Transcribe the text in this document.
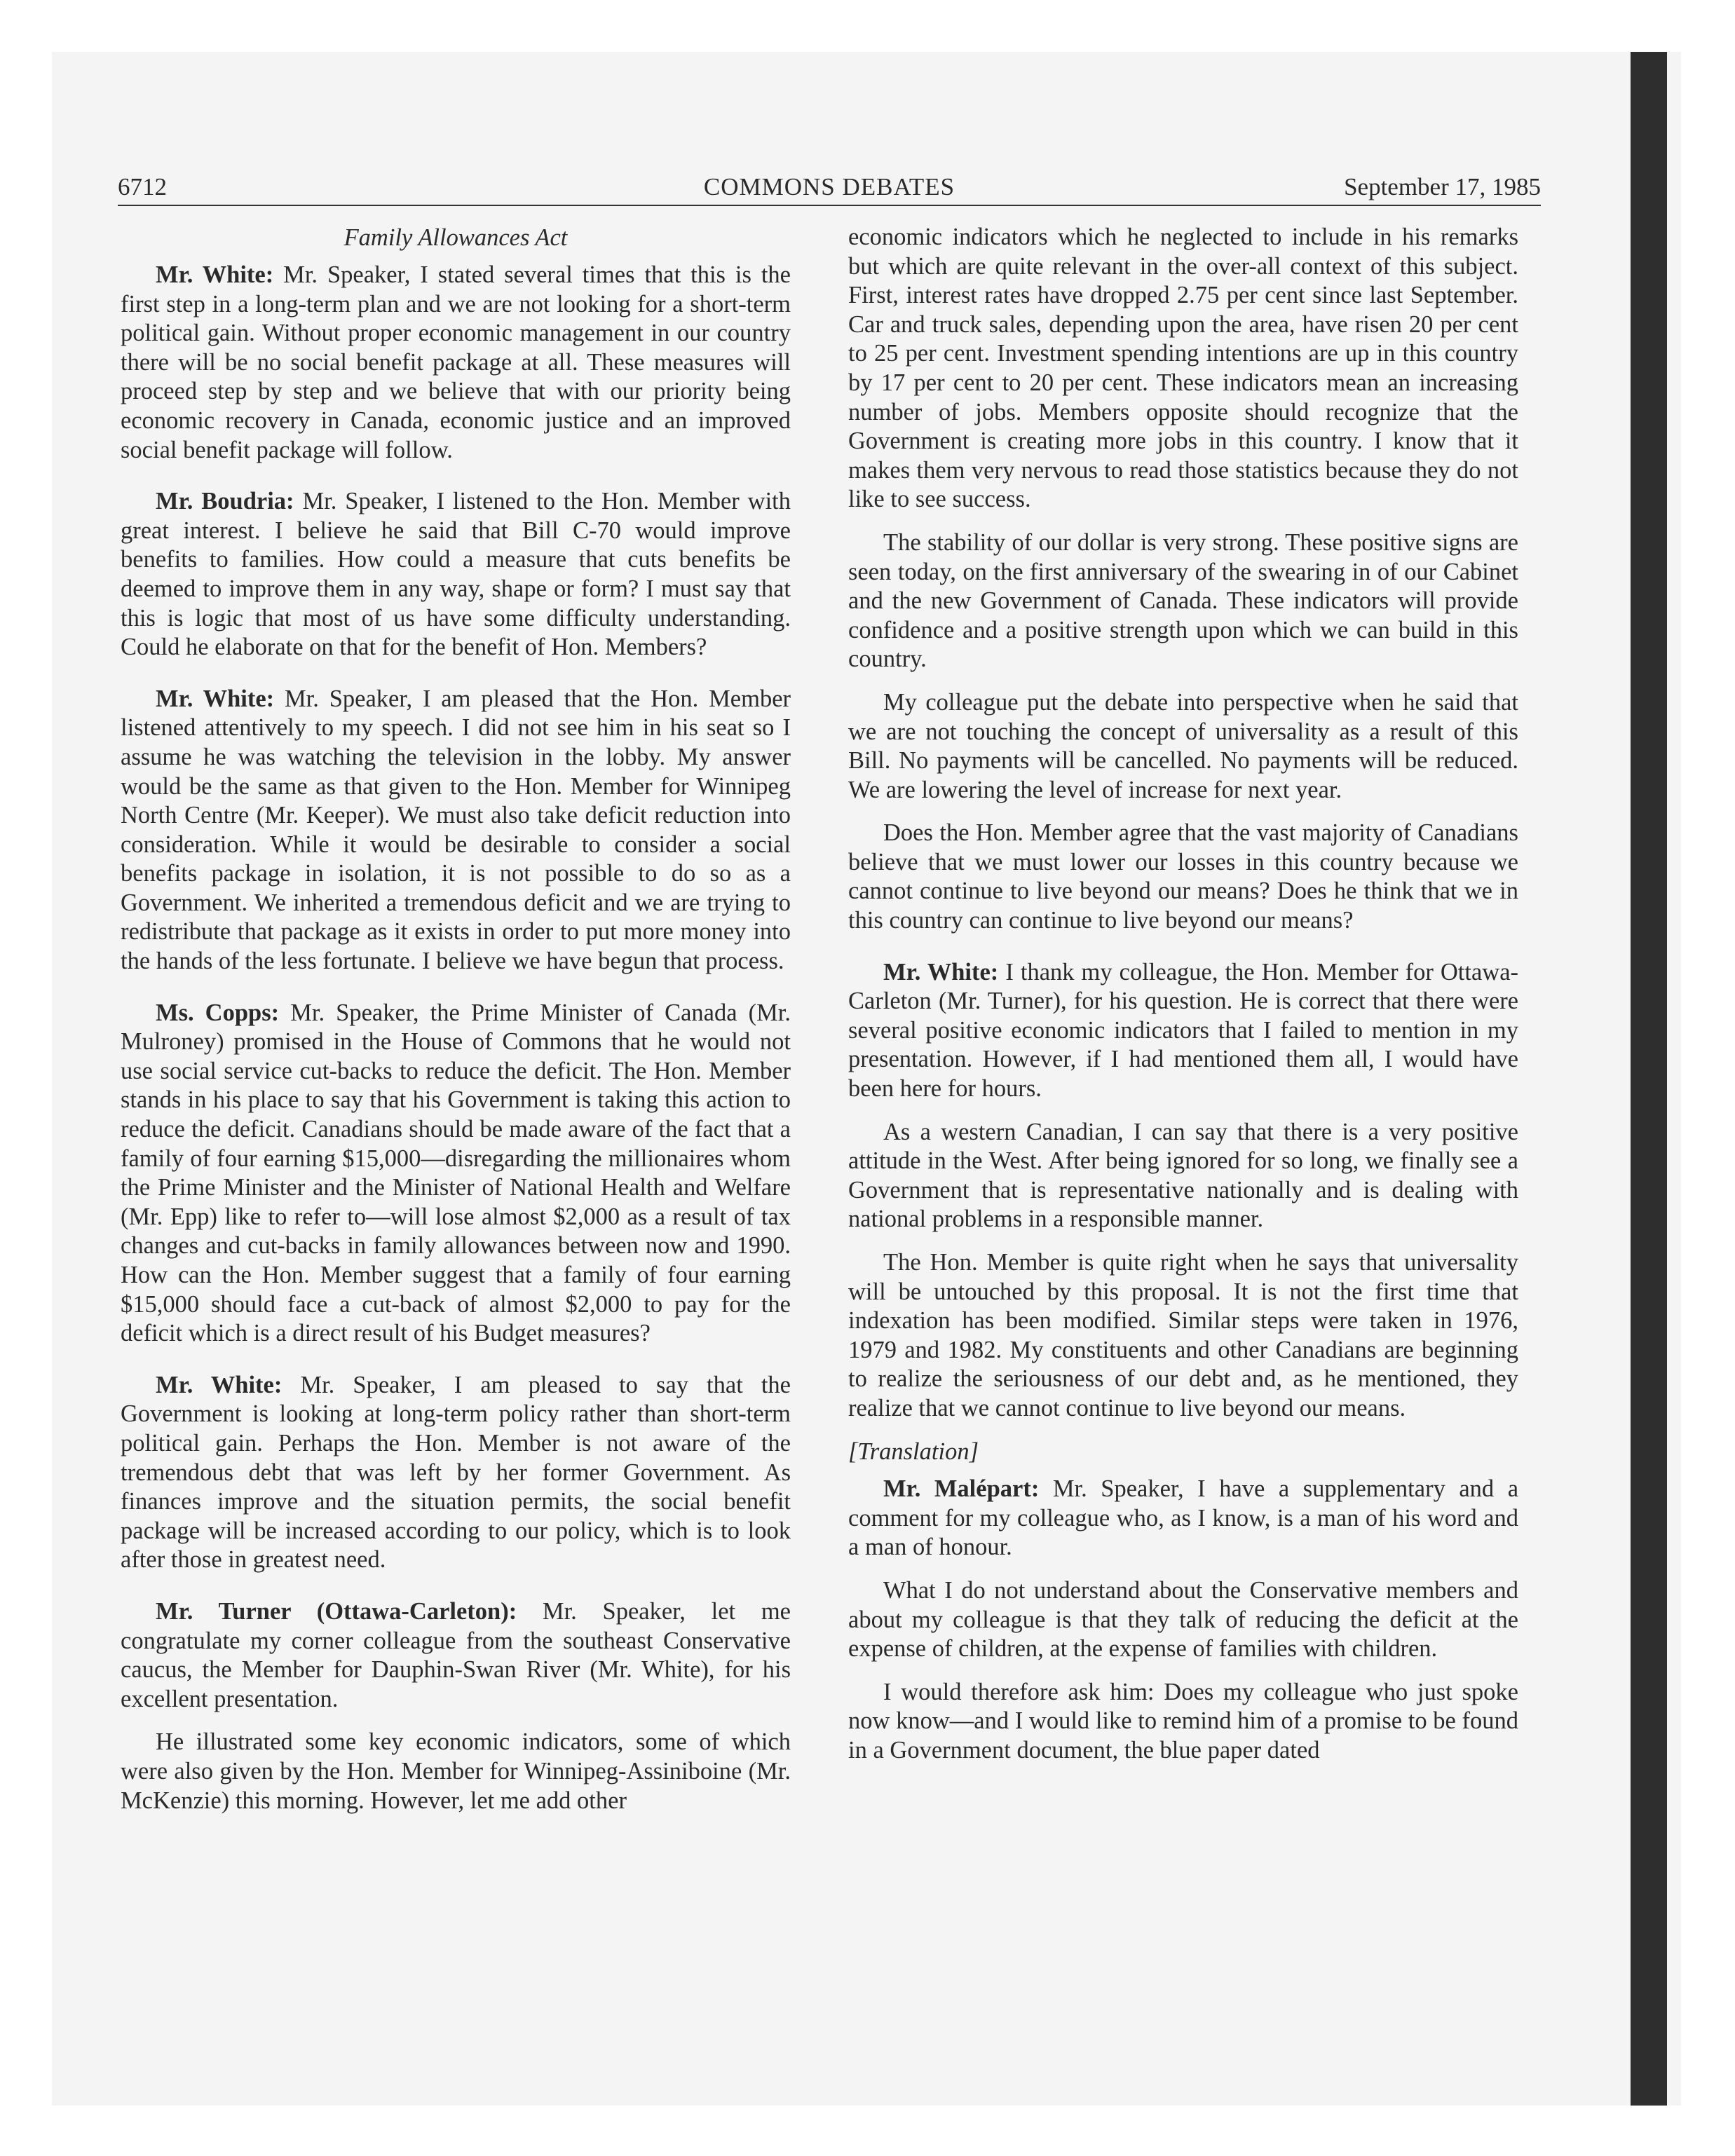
6712	COMMONS DEBATES	September 17, 1985
Family Allowances Act

Mr. White: Mr. Speaker, I stated several times that this is the first step in a long-term plan and we are not looking for a short-term political gain. Without proper economic management in our country there will be no social benefit package at all. These measures will proceed step by step and we believe that with our priority being economic recovery in Canada, economic justice and an improved social benefit package will follow.

Mr. Boudria: Mr. Speaker, I listened to the Hon. Member with great interest. I believe he said that Bill C-70 would improve benefits to families. How could a measure that cuts benefits be deemed to improve them in any way, shape or form? I must say that this is logic that most of us have some difficulty understanding. Could he elaborate on that for the benefit of Hon. Members?

Mr. White: Mr. Speaker, I am pleased that the Hon. Member listened attentively to my speech. I did not see him in his seat so I assume he was watching the television in the lobby. My answer would be the same as that given to the Hon. Member for Winnipeg North Centre (Mr. Keeper). We must also take deficit reduction into consideration. While it would be desirable to consider a social benefits package in isolation, it is not possible to do so as a Government. We inherited a tremendous deficit and we are trying to redistribute that package as it exists in order to put more money into the hands of the less fortunate. I believe we have begun that process.

Ms. Copps: Mr. Speaker, the Prime Minister of Canada (Mr. Mulroney) promised in the House of Commons that he would not use social service cut-backs to reduce the deficit. The Hon. Member stands in his place to say that his Government is taking this action to reduce the deficit. Canadians should be made aware of the fact that a family of four earning $15,000—disregarding the millionaires whom the Prime Minister and the Minister of National Health and Welfare (Mr. Epp) like to refer to—will lose almost $2,000 as a result of tax changes and cut-backs in family allowances between now and 1990. How can the Hon. Member suggest that a family of four earning $15,000 should face a cut-back of almost $2,000 to pay for the deficit which is a direct result of his Budget measures?

Mr. White: Mr. Speaker, I am pleased to say that the Government is looking at long-term policy rather than short-term political gain. Perhaps the Hon. Member is not aware of the tremendous debt that was left by her former Government. As finances improve and the situation permits, the social benefit package will be increased according to our policy, which is to look after those in greatest need.

Mr. Turner (Ottawa-Carleton): Mr. Speaker, let me congratulate my corner colleague from the southeast Conservative caucus, the Member for Dauphin-Swan River (Mr. White), for his excellent presentation.

He illustrated some key economic indicators, some of which were also given by the Hon. Member for Winnipeg-Assiniboine (Mr. McKenzie) this morning. However, let me add other

economic indicators which he neglected to include in his remarks but which are quite relevant in the over-all context of this subject. First, interest rates have dropped 2.75 per cent since last September. Car and truck sales, depending upon the area, have risen 20 per cent to 25 per cent. Investment spending intentions are up in this country by 17 per cent to 20 per cent. These indicators mean an increasing number of jobs. Members opposite should recognize that the Government is creating more jobs in this country. I know that it makes them very nervous to read those statistics because they do not like to see success.

The stability of our dollar is very strong. These positive signs are seen today, on the first anniversary of the swearing in of our Cabinet and the new Government of Canada. These indicators will provide confidence and a positive strength upon which we can build in this country.

My colleague put the debate into perspective when he said that we are not touching the concept of universality as a result of this Bill. No payments will be cancelled. No payments will be reduced. We are lowering the level of increase for next year.

Does the Hon. Member agree that the vast majority of Canadians believe that we must lower our losses in this country because we cannot continue to live beyond our means? Does he think that we in this country can continue to live beyond our means?

Mr. White: I thank my colleague, the Hon. Member for Ottawa-Carleton (Mr. Turner), for his question. He is correct that there were several positive economic indicators that I failed to mention in my presentation. However, if I had mentioned them all, I would have been here for hours.

As a western Canadian, I can say that there is a very positive attitude in the West. After being ignored for so long, we finally see a Government that is representative nationally and is dealing with national problems in a responsible manner.

The Hon. Member is quite right when he says that universality will be untouched by this proposal. It is not the first time that indexation has been modified. Similar steps were taken in 1976, 1979 and 1982. My constituents and other Canadians are beginning to realize the seriousness of our debt and, as he mentioned, they realize that we cannot continue to live beyond our means.

[Translation]

Mr. Malépart: Mr. Speaker, I have a supplementary and a comment for my colleague who, as I know, is a man of his word and a man of honour.

What I do not understand about the Conservative members and about my colleague is that they talk of reducing the deficit at the expense of children, at the expense of families with children.

I would therefore ask him: Does my colleague who just spoke now know—and I would like to remind him of a promise to be found in a Government document, the blue paper dated
